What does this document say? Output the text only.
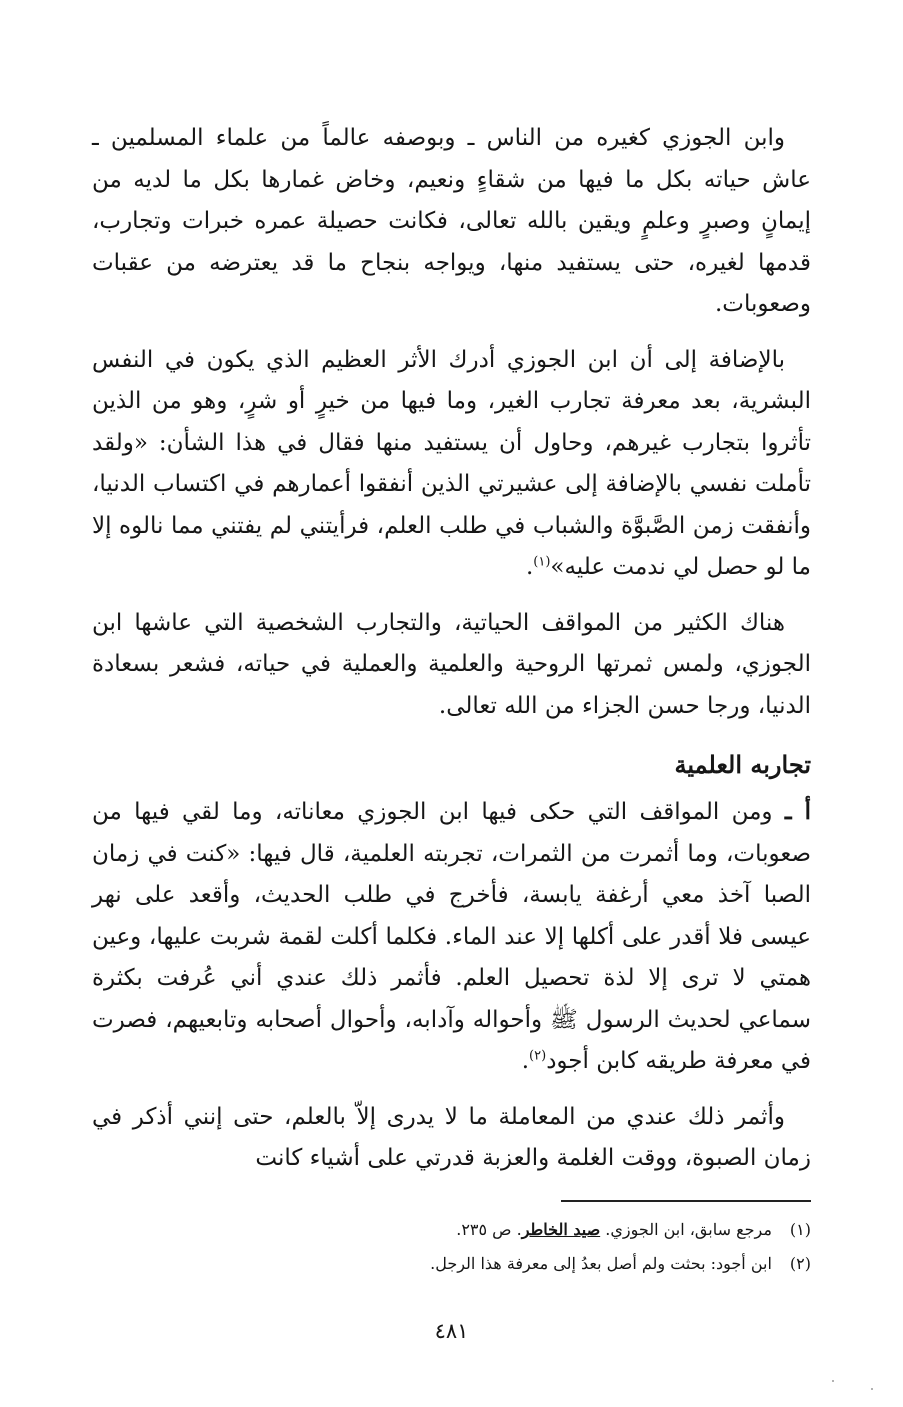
وابن الجوزي كغيره من الناس ـ وبوصفه عالماً من علماء المسلمين ـ عاش حياته بكل ما فيها من شقاءٍ ونعيم، وخاض غمارها بكل ما لديه من إيمانٍ وصبرٍ وعلمٍ ويقين بالله تعالى، فكانت حصيلة عمره خبرات وتجارب، قدمها لغيره، حتى يستفيد منها، ويواجه بنجاح ما قد يعترضه من عقبات وصعوبات.

بالإضافة إلى أن ابن الجوزي أدرك الأثر العظيم الذي يكون في النفس البشرية، بعد معرفة تجارب الغير، وما فيها من خيرٍ أو شرٍ، وهو من الذين تأثروا بتجارب غيرهم، وحاول أن يستفيد منها فقال في هذا الشأن: «ولقد تأملت نفسي بالإضافة إلى عشيرتي الذين أنفقوا أعمارهم في اكتساب الدنيا، وأنفقت زمن الصَّبوَّة والشباب في طلب العلم، فرأيتني لم يفتني مما نالوه إلا ما لو حصل لي ندمت عليه»$^{(١)}$.

هناك الكثير من المواقف الحياتية، والتجارب الشخصية التي عاشها ابن الجوزي، ولمس ثمرتها الروحية والعلمية والعملية في حياته، فشعر بسعادة الدنيا، ورجا حسن الجزاء من الله تعالى.

تجاربه العلمية

أ ـ ومن المواقف التي حكى فيها ابن الجوزي معاناته، وما لقي فيها من صعوبات، وما أثمرت من الثمرات، تجربته العلمية، قال فيها: «كنت في زمان الصبا آخذ معي أرغفة يابسة، فأخرج في طلب الحديث، وأقعد على نهر عيسى فلا أقدر على أكلها إلا عند الماء. فكلما أكلت لقمة شربت عليها، وعين همتي لا ترى إلا لذة تحصيل العلم. فأثمر ذلك عندي أني عُرفت بكثرة سماعي لحديث الرسول ﷺ وأحواله وآدابه، وأحوال أصحابه وتابعيهم، فصرت في معرفة طريقه كابن أجود$^{(٢)}$.

وأثمر ذلك عندي من المعاملة ما لا يدرى إلاّ بالعلم، حتى إنني أذكر في زمان الصبوة، ووقت الغلمة والعزبة قدرتي على أشياء كانت

(١) مرجع سابق، ابن الجوزي. صيد الخاطر. ص ٢٣٥.

(٢) ابن أجود: بحثت ولم أصل بعدُ إلى معرفة هذا الرجل.

٤٨١
